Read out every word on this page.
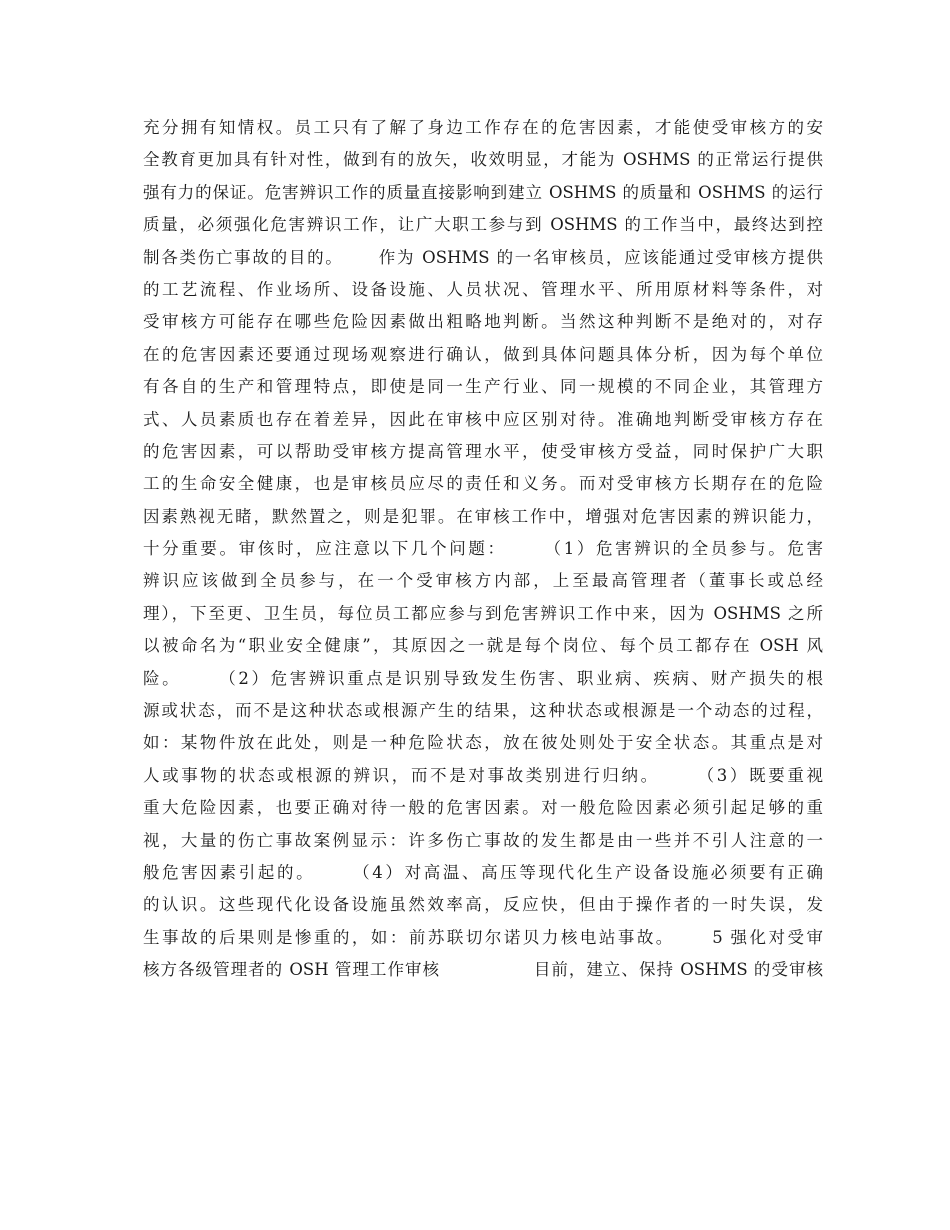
充分拥有知情权。员工只有了解了身边工作存在的危害因素，才能使受审核方的安
全教育更加具有针对性，做到有的放矢，收效明显，才能为 OSHMS 的正常运行提供
强有力的保证。危害辨识工作的质量直接影响到建立 OSHMS 的质量和 OSHMS 的运行
质量，必须强化危害辨识工作，让广大职工参与到 OSHMS 的工作当中，最终达到控
制各类伤亡事故的目的。　　 作为 OSHMS 的一名审核员，应该能通过受审核方提供
的工艺流程、作业场所、设备设施、人员状况、管理水平、所用原材料等条件，对
受审核方可能存在哪些危险因素做出粗略地判断。当然这种判断不是绝对的，对存
在的危害因素还要通过现场观察进行确认，做到具体问题具体分析，因为每个单位
有各自的生产和管理特点，即使是同一生产行业、同一规模的不同企业，其管理方
式、人员素质也存在着差异，因此在审核中应区别对待。准确地判断受审核方存在
的危害因素，可以帮助受审核方提高管理水平，使受审核方受益，同时保护广大职
工的生命安全健康，也是审核员应尽的责任和义务。而对受审核方长期存在的危险
因素熟视无睹，默然置之，则是犯罪。在审核工作中，增强对危害因素的辨识能力，
十分重要。审侅时，应注意以下几个问题：　　 （1）危害辨识的全员参与。危害
辨识应该做到全员参与，在一个受审核方内部，上至最高管理者（董事长或总经
理），下至更、卫生员，每位员工都应参与到危害辨识工作中来，因为 OSHMS 之所
以被命名为“职业安全健康”，其原因之一就是每个岗位、每个员工都存在 OSH 风
险。　　 （2）危害辨识重点是识别导致发生伤害、职业病、疾病、财产损失的根
源或状态，而不是这种状态或根源产生的结果，这种状态或根源是一个动态的过程，
如：某物件放在此处，则是一种危险状态，放在彼处则处于安全状态。其重点是对
人或事物的状态或根源的辨识，而不是对事故类别进行归纳。　　 （3）既要重视
重大危险因素，也要正确对待一般的危害因素。对一般危险因素必须引起足够的重
视，大量的伤亡事故案例显示：许多伤亡事故的发生都是由一些并不引人注意的一
般危害因素引起的。　　 （4）对高温、高压等现代化生产设备设施必须要有正确
的认识。这些现代化设备设施虽然效率高，反应快，但由于操作者的一时失误，发
生事故的后果则是惨重的，如：前苏联切尔诺贝力核电站事故。　　 5 强化对受审
核方各级管理者的 OSH 管理工作审核　　　　　 目前，建立、保持 OSHMS 的受审核
